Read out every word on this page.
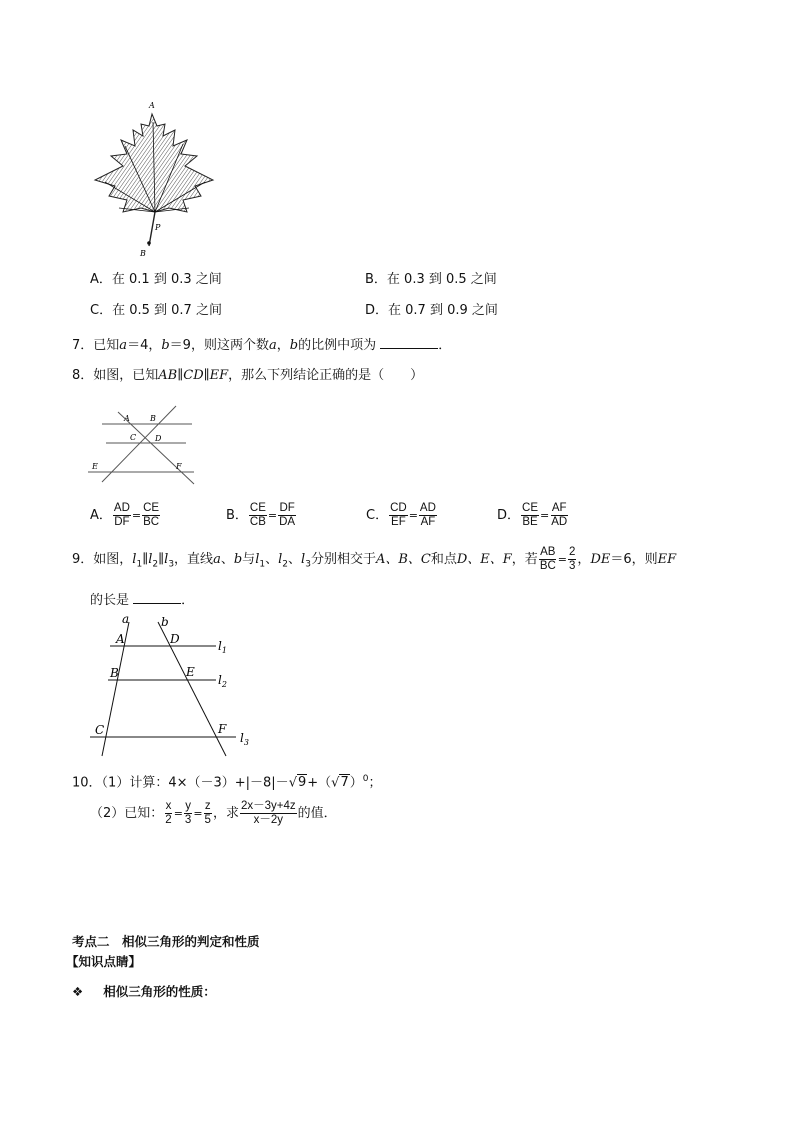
A
P
B
A．在 0.1 到 0.3 之间	B．在 0.3 到 0.5 之间
C．在 0.5 到 0.7 之间	D．在 0.7 到 0.9 之间
7．已知a＝4，b＝9，则这两个数a，b的比例中项为	．
8．如图，已知AB∥CD∥EF，那么下列结论正确的是（　　）
A	B
C D
E	F
A． $\frac{AD}{DF} = \frac{CE}{BC}$	B． $\frac{CE}{CB} = \frac{DF}{DA}$	C． $\frac{CD}{EF} = \frac{AD}{AF}$	D． $\frac{CE}{BE} = \frac{AF}{AD}$
9．如图，$l_1\parallel l_2\parallel l_3$，直线a、b与$l_1$、$l_2$、$l_3$分别相交于A、B、C和点D、E、F，若 $\frac{AB}{BC} = \frac{2}{3}$ ，DE＝6，则EF
的长是	．
a	b
A	D
B	E
C	F
$l_1$
$l_2$
$l_3$
10．（1）计算：$4\times(-3)+|-8|-√9+(√7)^0$；
（2）已知： $\frac{x}{2} = \frac{y}{3} = \frac{z}{5}$ ，求 $\frac{2x-3y+4z}{x-2y}$ 的值．
考点二　相似三角形的判定和性质
【知识点睛】
❖ 相似三角形的性质：
